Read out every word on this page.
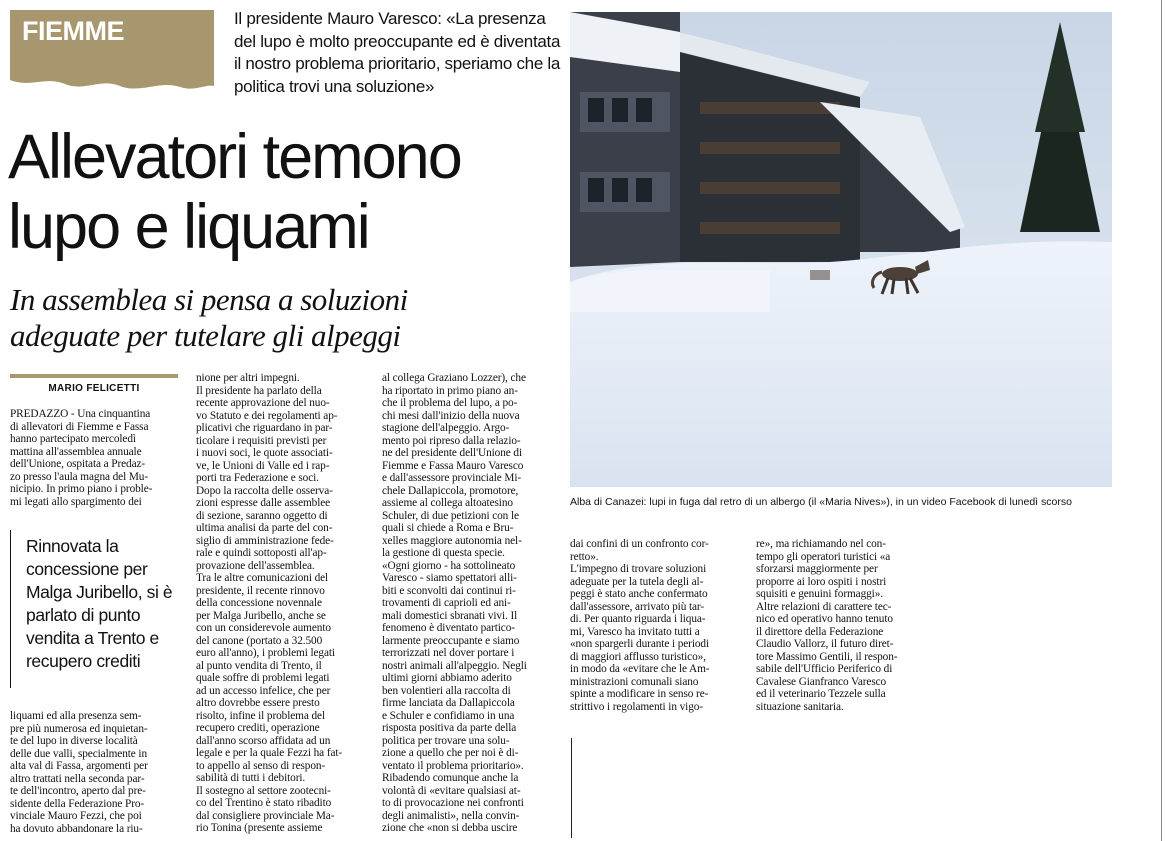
FIEMME	Il presidente Mauro Varesco: «La presenza del lupo è molto preoccupante ed è diventata il nostro problema prioritario, speriamo che la politica trovi una soluzione»
Allevatori temono
lupo e liquami
In assemblea si pensa a soluzioni
adeguate per tutelare gli alpeggi
MARIO FELICETTI
PREDAZZO - Una cinquantina
di allevatori di Fiemme e Fassa
hanno partecipato mercoledì
mattina all'assemblea annuale
dell'Unione, ospitata a Predaz-
zo presso l'aula magna del Mu-
nicipio. In primo piano i proble-
mi legati allo spargimento dei
Rinnovata la concessione per Malga Juribello, si è parlato di punto vendita a Trento e recupero crediti
liquami ed alla presenza sem-
pre più numerosa ed inquietan-
te del lupo in diverse località
delle due valli, specialmente in
alta val di Fassa, argomenti per
altro trattati nella seconda par-
te dell'incontro, aperto dal pre-
sidente della Federazione Pro-
vinciale Mauro Fezzi, che poi
ha dovuto abbandonare la riu-
nione per altri impegni.
Il presidente ha parlato della
recente approvazione del nuo-
vo Statuto e dei regolamenti ap-
plicativi che riguardano in par-
ticolare i requisiti previsti per
i nuovi soci, le quote associati-
ve, le Unioni di Valle ed i rap-
porti tra Federazione e soci.
Dopo la raccolta delle osserva-
zioni espresse dalle assemblee
di sezione, saranno oggetto di
ultima analisi da parte del con-
siglio di amministrazione fede-
rale e quindi sottoposti all'ap-
provazione dell'assemblea.
Tra le altre comunicazioni del
presidente, il recente rinnovo
della concessione novennale
per Malga Juribello, anche se
con un considerevole aumento
del canone (portato a 32.500
euro all'anno), i problemi legati
al punto vendita di Trento, il
quale soffre di problemi legati
ad un accesso infelice, che per
altro dovrebbe essere presto
risolto, infine il problema del
recupero crediti, operazione
dall'anno scorso affidata ad un
legale e per la quale Fezzi ha fat-
to appello al senso di respon-
sabilità di tutti i debitori.
Il sostegno al settore zootecni-
co del Trentino è stato ribadito
dal consigliere provinciale Ma-
rio Tonina (presente assieme
al collega Graziano Lozzer), che
ha riportato in primo piano an-
che il problema del lupo, a po-
chi mesi dall'inizio della nuova
stagione dell'alpeggio. Argo-
mento poi ripreso dalla relazio-
ne del presidente dell'Unione di
Fiemme e Fassa Mauro Varesco
e dall'assessore provinciale Mi-
chele Dallapiccola, promotore,
assieme al collega altoatesino
Schuler, di due petizioni con le
quali si chiede a Roma e Bru-
xelles maggiore autonomia nel-
la gestione di questa specie.
«Ogni giorno - ha sottolineato
Varesco - siamo spettatori alli-
biti e sconvolti dai continui ri-
trovamenti di caprioli ed ani-
mali domestici sbranati vivi. Il
fenomeno è diventato partico-
larmente preoccupante e siamo
terrorizzati nel dover portare i
nostri animali all'alpeggio. Negli
ultimi giorni abbiamo aderito
ben volentieri alla raccolta di
firme lanciata da Dallapiccola
e Schuler e confidiamo in una
risposta positiva da parte della
politica per trovare una solu-
zione a quello che per noi è di-
ventato il problema prioritario».
Ribadendo comunque anche la
volontà di «evitare qualsiasi at-
to di provocazione nei confronti
degli animalisti», nella convin-
zione che «non si debba uscire
dai confini di un confronto cor-
retto».
L'impegno di trovare soluzioni
adeguate per la tutela degli al-
peggi è stato anche confermato
dall'assessore, arrivato più tar-
di. Per quanto riguarda i liqua-
mi, Varesco ha invitato tutti a
«non spargerli durante i periodi
di maggiori afflusso turistico»,
in modo da «evitare che le Am-
ministrazioni comunali siano
spinte a modificare in senso re-
strittivo i regolamenti in vigo-
re», ma richiamando nel con-
tempo gli operatori turistici «a
sforzarsi maggiormente per
proporre ai loro ospiti i nostri
squisiti e genuini formaggi».
Altre relazioni di carattere tec-
nico ed operativo hanno tenuto
il direttore della Federazione
Claudio Vallorz, il futuro diret-
tore Massimo Gentili, il respon-
sabile dell'Ufficio Periferico di
Cavalese Gianfranco Varesco
ed il veterinario Tezzele sulla
situazione sanitaria.
Alba di Canazei: lupi in fuga dal retro di un albergo (il «Maria Nives»), in un video Facebook di lunedì scorso
